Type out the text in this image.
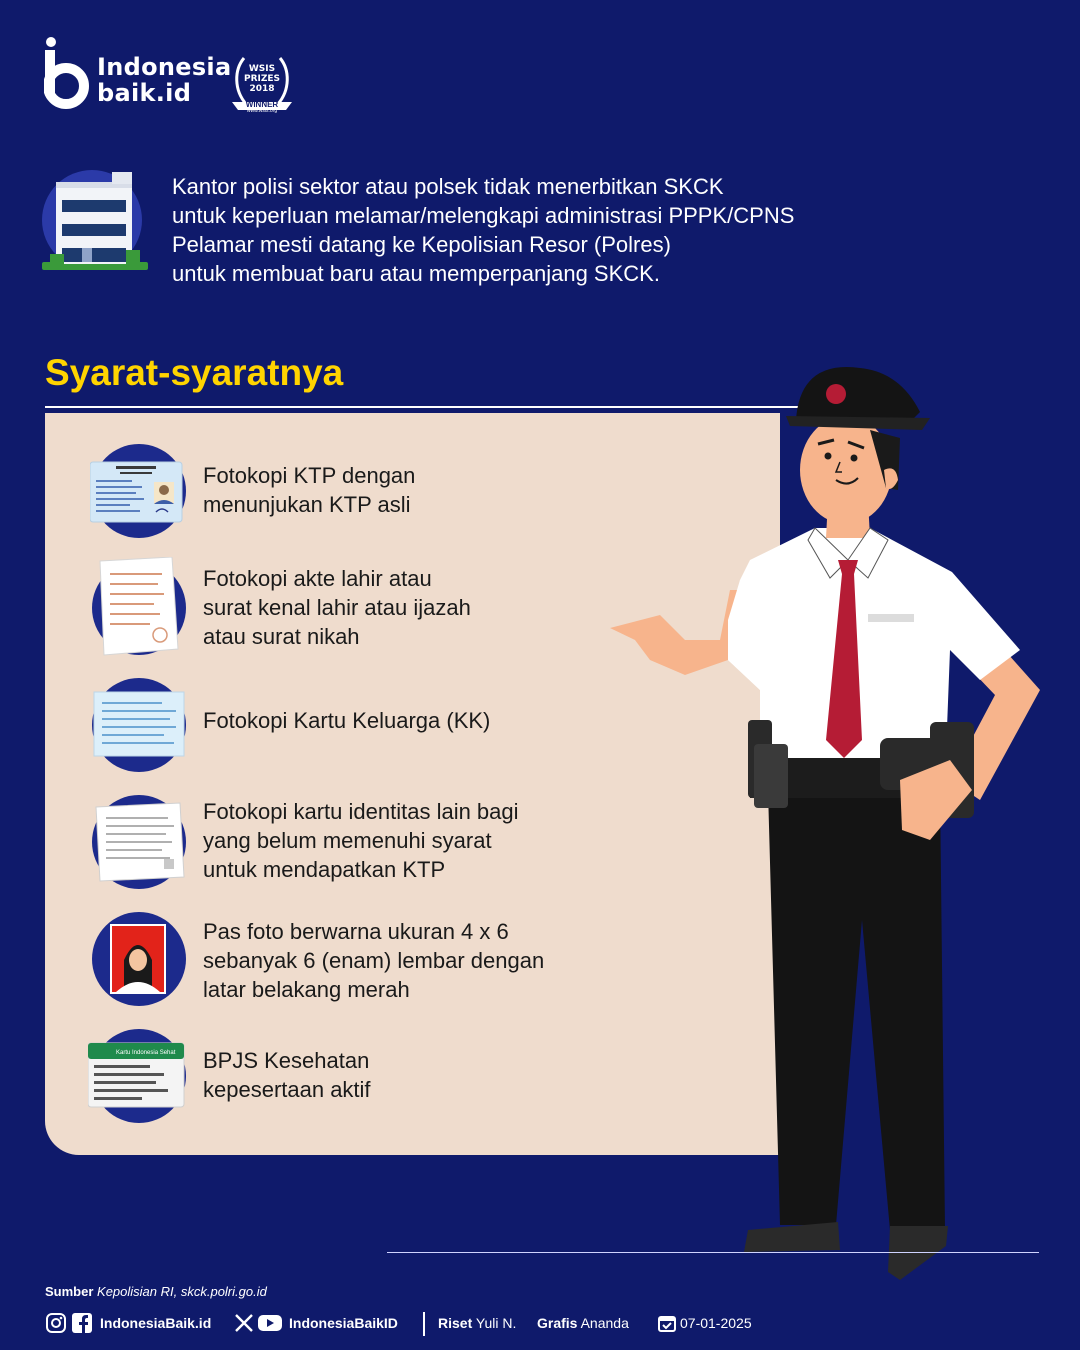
Indonesia
baik.id
WSIS
PRIZES
2018
WINNER
www.wsis.org

Kantor polisi sektor atau polsek tidak menerbitkan SKCK

untuk keperluan melamar/melengkapi administrasi PPPK/CPNS

Pelamar mesti datang ke Kepolisian Resor (Polres)

untuk membuat baru atau memperpanjang SKCK.

Syarat-syaratnya

Fotokopi KTP dengan

menunjukan KTP asli

Fotokopi akte lahir atau

surat kenal lahir atau ijazah

atau surat nikah

Fotokopi Kartu Keluarga (KK)

Fotokopi kartu identitas lain bagi

yang belum memenuhi syarat

untuk mendapatkan KTP

Pas foto berwarna ukuran 4 x 6

sebanyak 6 (enam) lembar dengan

latar belakang merah

Kartu Indonesia Sehat BPJS Kesehatan

kepesertaan aktif

Sumber Kepolisian RI, skck.polri.go.id
IndonesiaBaik.id	IndonesiaBaikID	Riset Yuli N. Grafis Ananda	07-01-2025
